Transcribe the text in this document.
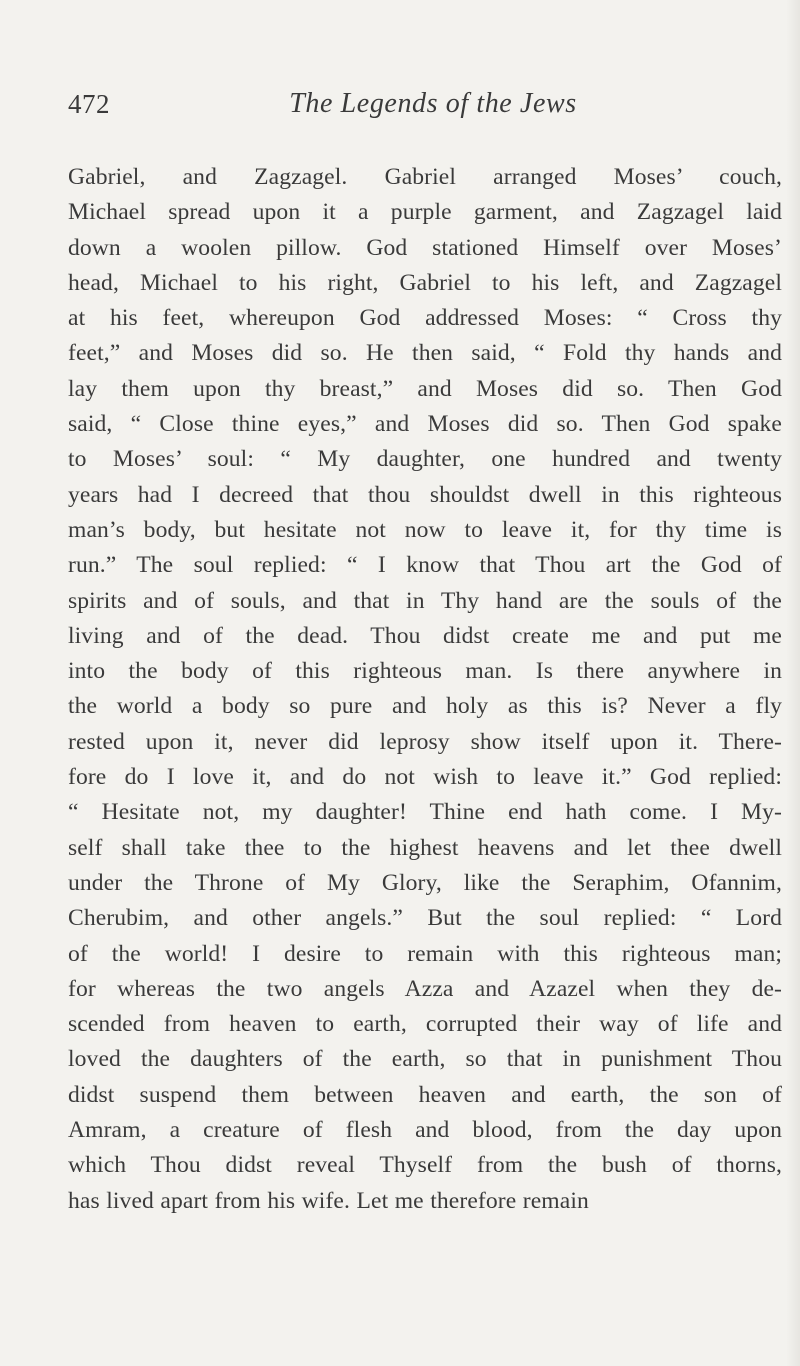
472	The Legends of the Jews
Gabriel, and Zagzagel. Gabriel arranged Moses’ couch,
Michael spread upon it a purple garment, and Zagzagel laid
down a woolen pillow. God stationed Himself over Moses’
head, Michael to his right, Gabriel to his left, and Zagzagel
at his feet, whereupon God addressed Moses: “ Cross thy
feet,” and Moses did so. He then said, “ Fold thy hands and
lay them upon thy breast,” and Moses did so. Then God
said, “ Close thine eyes,” and Moses did so. Then God spake
to Moses’ soul: “ My daughter, one hundred and twenty
years had I decreed that thou shouldst dwell in this righteous
man’s body, but hesitate not now to leave it, for thy time is
run.” The soul replied: “ I know that Thou art the God of
spirits and of souls, and that in Thy hand are the souls of the
living and of the dead. Thou didst create me and put me
into the body of this righteous man. Is there anywhere in
the world a body so pure and holy as this is? Never a fly
rested upon it, never did leprosy show itself upon it. There-
fore do I love it, and do not wish to leave it.” God replied:
“ Hesitate not, my daughter! Thine end hath come. I My-
self shall take thee to the highest heavens and let thee dwell
under the Throne of My Glory, like the Seraphim, Ofannim,
Cherubim, and other angels.” But the soul replied: “ Lord
of the world! I desire to remain with this righteous man;
for whereas the two angels Azza and Azazel when they de-
scended from heaven to earth, corrupted their way of life and
loved the daughters of the earth, so that in punishment Thou
didst suspend them between heaven and earth, the son of
Amram, a creature of flesh and blood, from the day upon
which Thou didst reveal Thyself from the bush of thorns,
has lived apart from his wife. Let me therefore remain
